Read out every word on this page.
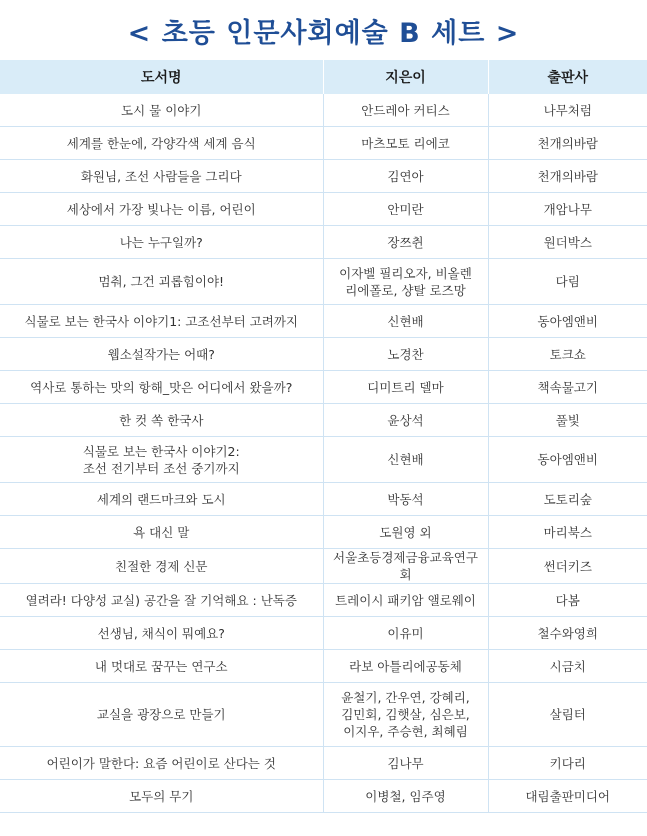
< 초등 인문사회예술 B 세트 >
도서명	지은이	출판사

도시 물 이야기	안드레아 커티스	나무처럼

세계를 한눈에, 각양각색 세계 음식	마츠모토 리에코	천개의바람

화원님, 조선 사람들을 그리다	김연아	천개의바람

세상에서 가장 빛나는 이름, 어린이	안미란	개암나무

나는 누구일까?	장쯔췬	원더박스

멈춰, 그건 괴롭힘이야!	이자벨 필리오자, 비올렌
리에폴로, 샹탈 로즈망	다림

식물로 보는 한국사 이야기1: 고조선부터 고려까지	신현배	동아엠앤비

웹소설작가는 어때?	노경찬	토크쇼

역사로 통하는 맛의 항해_맛은 어디에서 왔을까?	디미트리 델마	책속물고기

한 컷 쏙 한국사	윤상석	풀빛

식물로 보는 한국사 이야기2:
조선 전기부터 조선 중기까지	신현배	동아엠앤비

세계의 랜드마크와 도시	박동석	도토리숲

욕 대신 말	도원영 외	마리북스

친절한 경제 신문	서울초등경제금융교육연구회	썬더키즈

열려라! 다양성 교실) 공간을 잘 기억해요 : 난독증	트레이시 패키암 앨로웨이	다봄

선생님, 채식이 뭐예요?	이유미	철수와영희

내 멋대로 꿈꾸는 연구소	라보 아틀리에공동체	시금치

교실을 광장으로 만들기	윤철기, 간우연, 강혜리,
김민회, 김햇살, 심은보,
이지우, 주승현, 최혜림	살림터

어린이가 말한다: 요즘 어린이로 산다는 것	김나무	키다리

모두의 무기	이병철, 임주영	대림출판미디어
